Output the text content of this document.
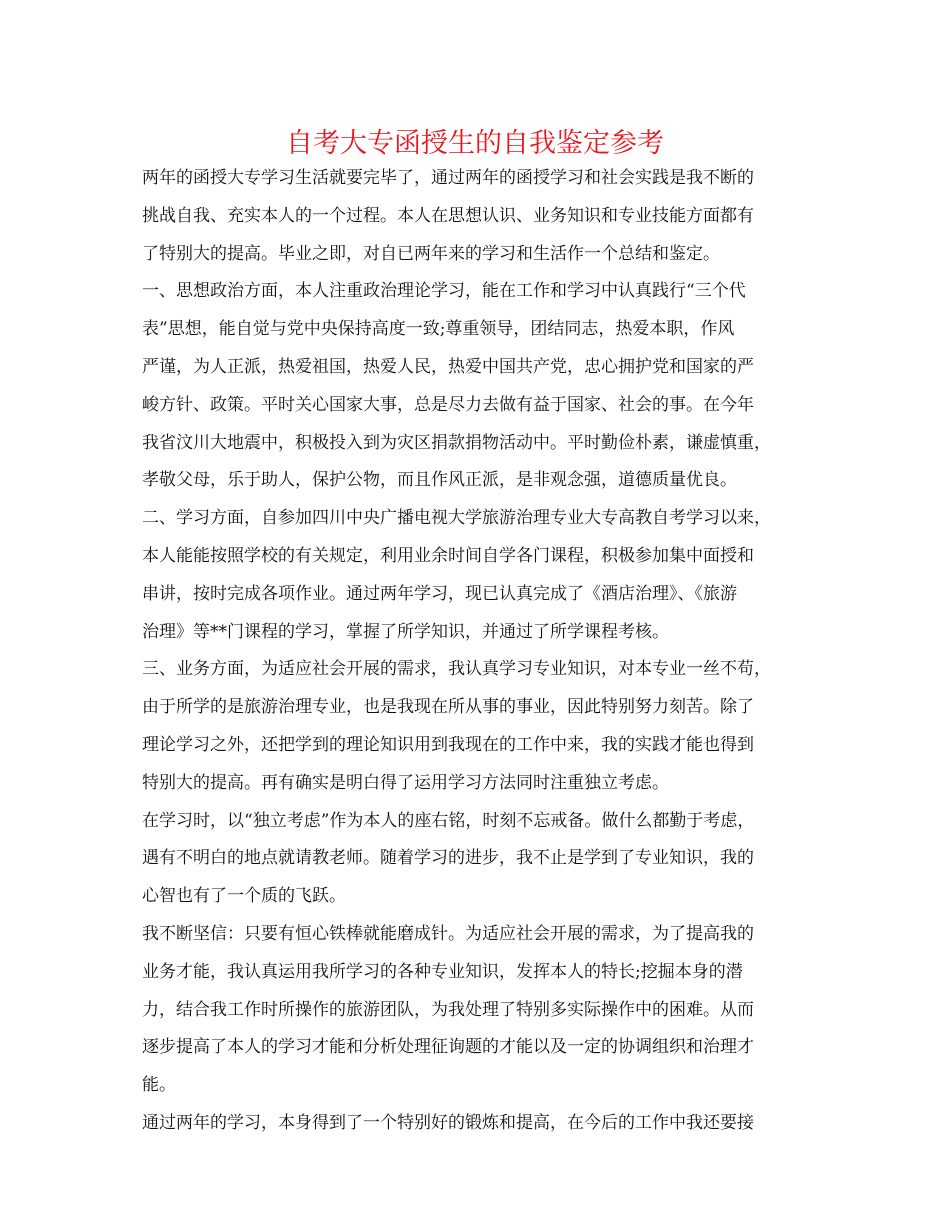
自考大专函授生的自我鉴定参考
两年的函授大专学习生活就要完毕了，通过两年的函授学习和社会实践是我不断的
挑战自我、充实本人的一个过程。本人在思想认识、业务知识和专业技能方面都有
了特别大的提高。毕业之即，对自已两年来的学习和生活作一个总结和鉴定。
一、思想政治方面，本人注重政治理论学习，能在工作和学习中认真践行“三个代
表”思想，能自觉与党中央保持高度一致;尊重领导，团结同志，热爱本职，作风
严谨，为人正派，热爱祖国，热爱人民，热爱中国共产党，忠心拥护党和国家的严
峻方针、政策。平时关心国家大事，总是尽力去做有益于国家、社会的事。在今年
我省汶川大地震中，积极投入到为灾区捐款捐物活动中。平时勤俭朴素，谦虚慎重，
孝敬父母，乐于助人，保护公物，而且作风正派，是非观念强，道德质量优良。
二、学习方面，自参加四川中央广播电视大学旅游治理专业大专高教自考学习以来，
本人能能按照学校的有关规定，利用业余时间自学各门课程，积极参加集中面授和
串讲，按时完成各项作业。通过两年学习，现已认真完成了《酒店治理》、《旅游
治理》等**门课程的学习，掌握了所学知识，并通过了所学课程考核。
三、业务方面，为适应社会开展的需求，我认真学习专业知识，对本专业一丝不苟，
由于所学的是旅游治理专业，也是我现在所从事的事业，因此特别努力刻苦。除了
理论学习之外，还把学到的理论知识用到我现在的工作中来，我的实践才能也得到
特别大的提高。再有确实是明白得了运用学习方法同时注重独立考虑。
在学习时，以“独立考虑”作为本人的座右铭，时刻不忘戒备。做什么都勤于考虑，
遇有不明白的地点就请教老师。随着学习的进步，我不止是学到了专业知识，我的
心智也有了一个质的飞跃。
我不断坚信：只要有恒心铁棒就能磨成针。为适应社会开展的需求，为了提高我的
业务才能，我认真运用我所学习的各种专业知识，发挥本人的特长;挖掘本身的潜
力，结合我工作时所操作的旅游团队，为我处理了特别多实际操作中的困难。从而
逐步提高了本人的学习才能和分析处理征询题的才能以及一定的协调组织和治理才
能。
通过两年的学习，本身得到了一个特别好的锻炼和提高，在今后的工作中我还要接
